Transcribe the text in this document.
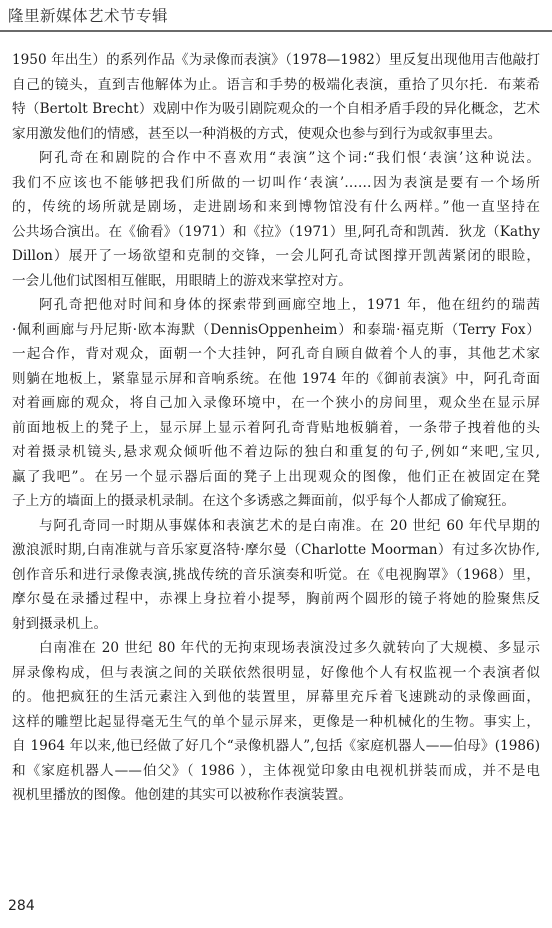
隆里新媒体艺术节专辑
1950 年出生）的系列作品《为录像而表演》（1978—1982）里反复出现他用吉他敲打
自己的镜头，直到吉他解体为止。语言和手势的极端化表演，重拾了贝尔托．布莱希
特（Bertolt Brecht）戏剧中作为吸引剧院观众的一个自相矛盾手段的异化概念，艺术
家用激发他们的情感，甚至以一种消极的方式，使观众也参与到行为或叙事里去。
阿孔奇在和剧院的合作中不喜欢用“表演”这个词:“我们恨‘表演’这种说法。
我们不应该也不能够把我们所做的一切叫作‘表演’……因为表演是要有一个场所
的，传统的场所就是剧场，走进剧场和来到博物馆没有什么两样。”他一直坚持在
公共场合演出。在《偷看》（1971）和《拉》（1971）里,阿孔奇和凯茜．狄龙（Kathy
Dillon）展开了一场欲望和克制的交锋，一会儿阿孔奇试图撑开凯茜紧闭的眼睑，
一会儿他们试图相互催眠，用眼睛上的游戏来掌控对方。
阿孔奇把他对时间和身体的探索带到画廊空地上，1971 年，他在纽约的瑞茜
·佩利画廊与丹尼斯·欧本海默（DennisOppenheim）和泰瑞·福克斯（Terry Fox）
一起合作，背对观众，面朝一个大挂钟，阿孔奇自顾自做着个人的事，其他艺术家
则躺在地板上，紧靠显示屏和音响系统。在他 1974 年的《御前表演》中，阿孔奇面
对着画廊的观众，将自己加入录像环境中，在一个狭小的房间里，观众坐在显示屏
前面地板上的凳子上，显示屏上显示着阿孔奇背贴地板躺着，一条带子拽着他的头
对着摄录机镜头,悬求观众倾听他不着边际的独白和重复的句子,例如“来吧,宝贝,
赢了我吧”。在另一个显示器后面的凳子上出现观众的图像，他们正在被固定在凳
子上方的墙面上的摄录机录制。在这个多诱惑之舞面前，似乎每个人都成了偷窥狂。
与阿孔奇同一时期从事媒体和表演艺术的是白南准。在 20 世纪 60 年代早期的
激浪派时期,白南准就与音乐家夏洛特·摩尔曼（Charlotte Moorman）有过多次协作,
创作音乐和进行录像表演,挑战传统的音乐演奏和听觉。在《电视胸罩》（1968）里，
摩尔曼在录播过程中，赤裸上身拉着小提琴，胸前两个圆形的镜子将她的脸聚焦反
射到摄录机上。
白南准在 20 世纪 80 年代的无拘束现场表演没过多久就转向了大规模、多显示
屏录像构成，但与表演之间的关联依然很明显，好像他个人有权监视一个表演者似
的。他把疯狂的生活元素注入到他的装置里，屏幕里充斥着飞速跳动的录像画面，
这样的雕塑比起显得毫无生气的单个显示屏来，更像是一种机械化的生物。事实上，
自 1964 年以来,他已经做了好几个“录像机器人”,包括《家庭机器人——伯母》(1986)
和《家庭机器人——伯父》（ 1986 ），主体视觉印象由电视机拼装而成，并不是电
视机里播放的图像。他创建的其实可以被称作表演装置。
284
